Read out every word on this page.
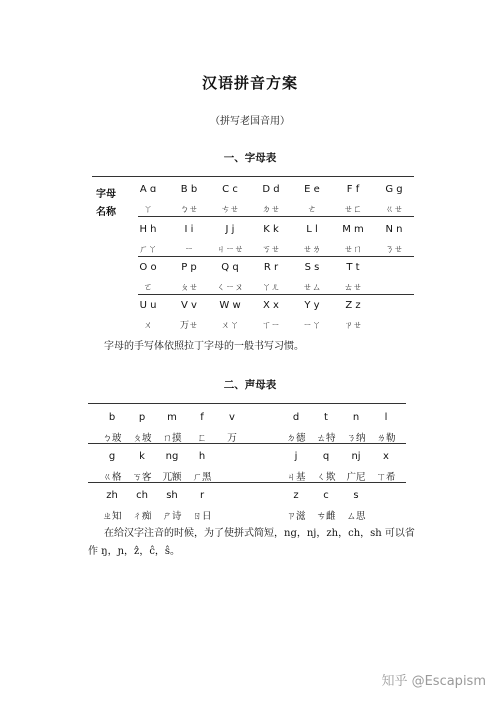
汉语拼音方案
（拼写老国音用）
一、字母表
字母
名称
A ɑ
ㄚ
B b
ㄅㄝ
C c
ㄘㄝ
D d
ㄉㄝ
E e
ㄜ
F f
ㄝㄈ
G g
ㄍㄝ
H h
ㄏㄚ
I i
ㄧ
J j
ㄐㄧㄝ
K k
ㄎㄝ
L l
ㄝㄌ
M m
ㄝㄇ
N n
ㄋㄝ
O o
ㄛ
P p
ㄆㄝ
Q q
ㄑㄧㄡ
R r
ㄚㄦ
S s
ㄝㄙ
T t
ㄊㄝ
U u
ㄨ
V v
ㄪㄝ
W w
ㄨㄚ
X x
ㄒㄧ
Y y
ㄧㄚ
Z z
ㄗㄝ
字母的手写体依照拉丁字母的一般书写习惯。
二、声母表
b
ㄅ玻
p
ㄆ坡
m
ㄇ摸
f
ㄈ
v
ㄪ
d
ㄉ德
t
ㄊ特
n
ㄋ纳
l
ㄌ勒
g
ㄍ格
k
ㄎ客
ng
ㄫ额
h
ㄏ黑
j
ㄐ基
q
ㄑ欺
nj
ㄬ尼
x
ㄒ希
zh
ㄓ知
ch
ㄔ痴
sh
ㄕ诗
r
ㄖ日
z
ㄗ滋
c
ㄘ雌
s
ㄙ思
在给汉字注音的时候，为了使拼式简短，ng，nj，zh，ch，sh 可以省
作 ŋ，ɲ，ẑ，ĉ，ŝ。
知乎 @Escapism
